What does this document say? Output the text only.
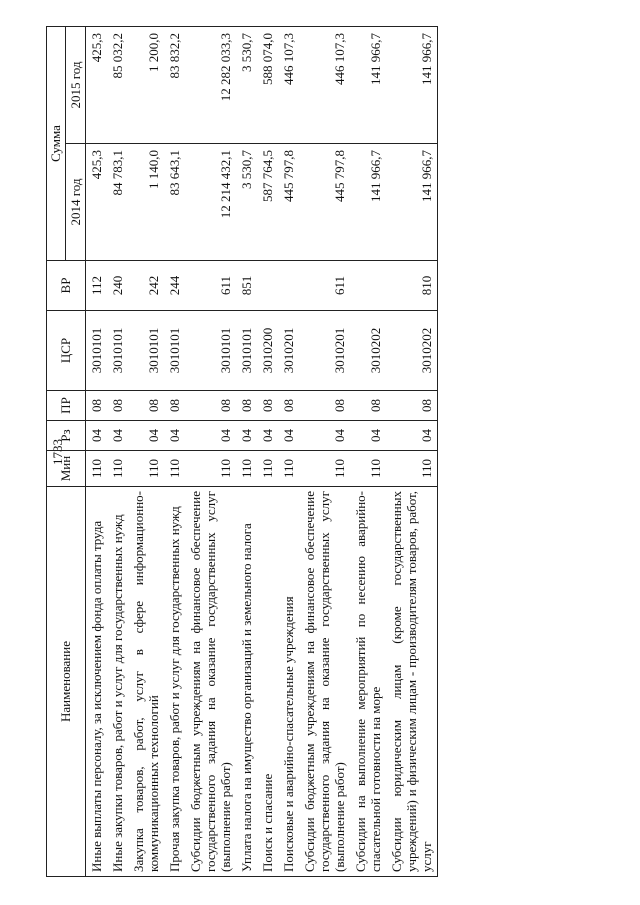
1733
Наименование	Мин	Рз	ПР	ЦСР	ВР	Сумма	
						2014 год	2015 год
Иные выплаты персоналу, за исключением фонда оплаты труда	110	04	08	3010101	112	425,3	425,3
Иные закупки товаров, работ и услуг для государственных нужд	110	04	08	3010101	240	84 783,1	85 032,2
Закупка товаров, работ, услуг в сфере информационно-коммуникационных технологий	110	04	08	3010101	242	1 140,0	1 200,0
Прочая закупка товаров, работ и услуг для государственных нужд	110	04	08	3010101	244	83 643,1	83 832,2
Субсидии бюджетным учреждениям на финансовое обеспечение государственного задания на оказание государственных услуг (выполнение работ)	110	04	08	3010101	611	12 214 432,1	12 282 033,3
Уплата налога на имущество организаций и земельного налога	110	04	08	3010101	851	3 530,7	3 530,7
Поиск и спасание	110	04	08	3010200		587 764,5	588 074,0
Поисковые и аварийно-спасательные учреждения	110	04	08	3010201		445 797,8	446 107,3
Субсидии бюджетным учреждениям на финансовое обеспечение государственного задания на оказание государственных услуг (выполнение работ)	110	04	08	3010201	611	445 797,8	446 107,3
Субсидии на выполнение мероприятий по несению аварийно-спасательной готовности на море	110	04	08	3010202		141 966,7	141 966,7
Субсидии юридическим лицам (кроме государственных учреждений) и физическим лицам - производителям товаров, работ, услуг	110	04	08	3010202	810	141 966,7	141 966,7
